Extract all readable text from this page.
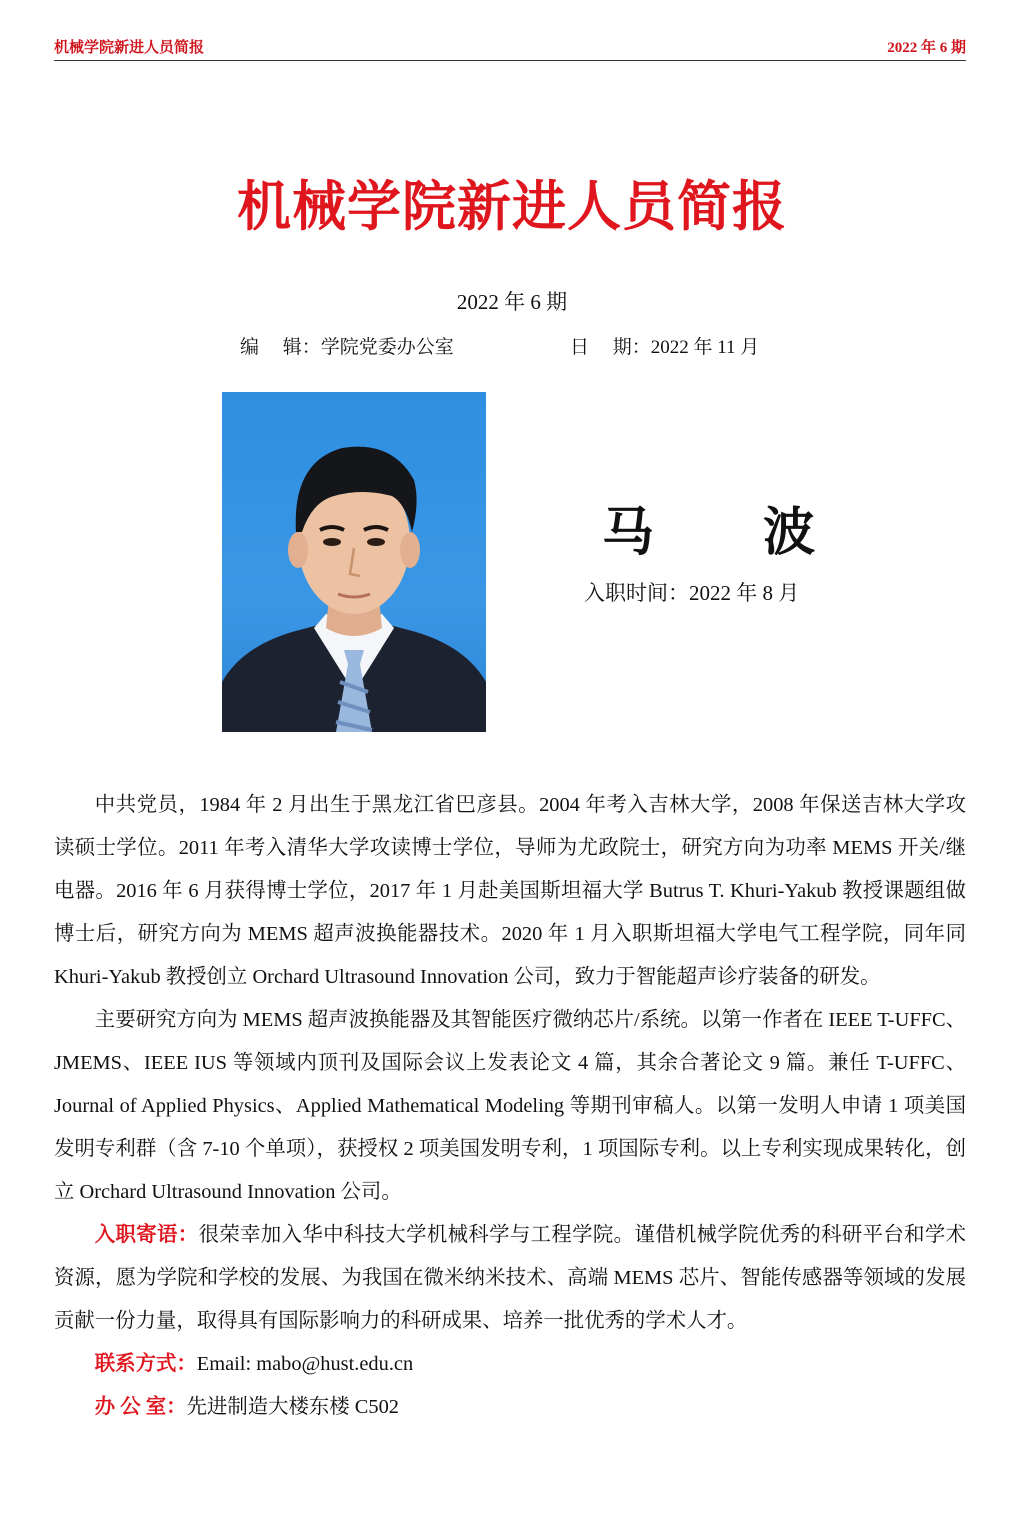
机械学院新进人员简报	2022 年 6 期
机械学院新进人员简报
2022 年 6 期
编　 辑：学院党委办公室	日　 期：2022 年 11 月
马 波
入职时间：2022 年 8 月

中共党员，1984 年 2 月出生于黑龙江省巴彦县。2004 年考入吉林大学，2008 年保送吉林大学攻读硕士学位。2011 年考入清华大学攻读博士学位，导师为尤政院士，研究方向为功率 MEMS 开关/继电器。2016 年 6 月获得博士学位，2017 年 1 月赴美国斯坦福大学 Butrus T. Khuri-Yakub 教授课题组做博士后，研究方向为 MEMS 超声波换能器技术。2020 年 1 月入职斯坦福大学电气工程学院，同年同 Khuri-Yakub 教授创立 Orchard Ultrasound Innovation 公司，致力于智能超声诊疗装备的研发。

主要研究方向为 MEMS 超声波换能器及其智能医疗微纳芯片/系统。以第一作者在 IEEE T-UFFC、JMEMS、IEEE IUS 等领域内顶刊及国际会议上发表论文 4 篇，其余合著论文 9 篇。兼任 T-UFFC、Journal of Applied Physics、Applied Mathematical Modeling 等期刊审稿人。以第一发明人申请 1 项美国发明专利群（含 7-10 个单项），获授权 2 项美国发明专利，1 项国际专利。以上专利实现成果转化，创立 Orchard Ultrasound Innovation 公司。

入职寄语：很荣幸加入华中科技大学机械科学与工程学院。谨借机械学院优秀的科研平台和学术资源，愿为学院和学校的发展、为我国在微米纳米技术、高端 MEMS 芯片、智能传感器等领域的发展贡献一份力量，取得具有国际影响力的科研成果、培养一批优秀的学术人才。

联系方式：Email: mabo@hust.edu.cn

办 公 室：先进制造大楼东楼 C502
